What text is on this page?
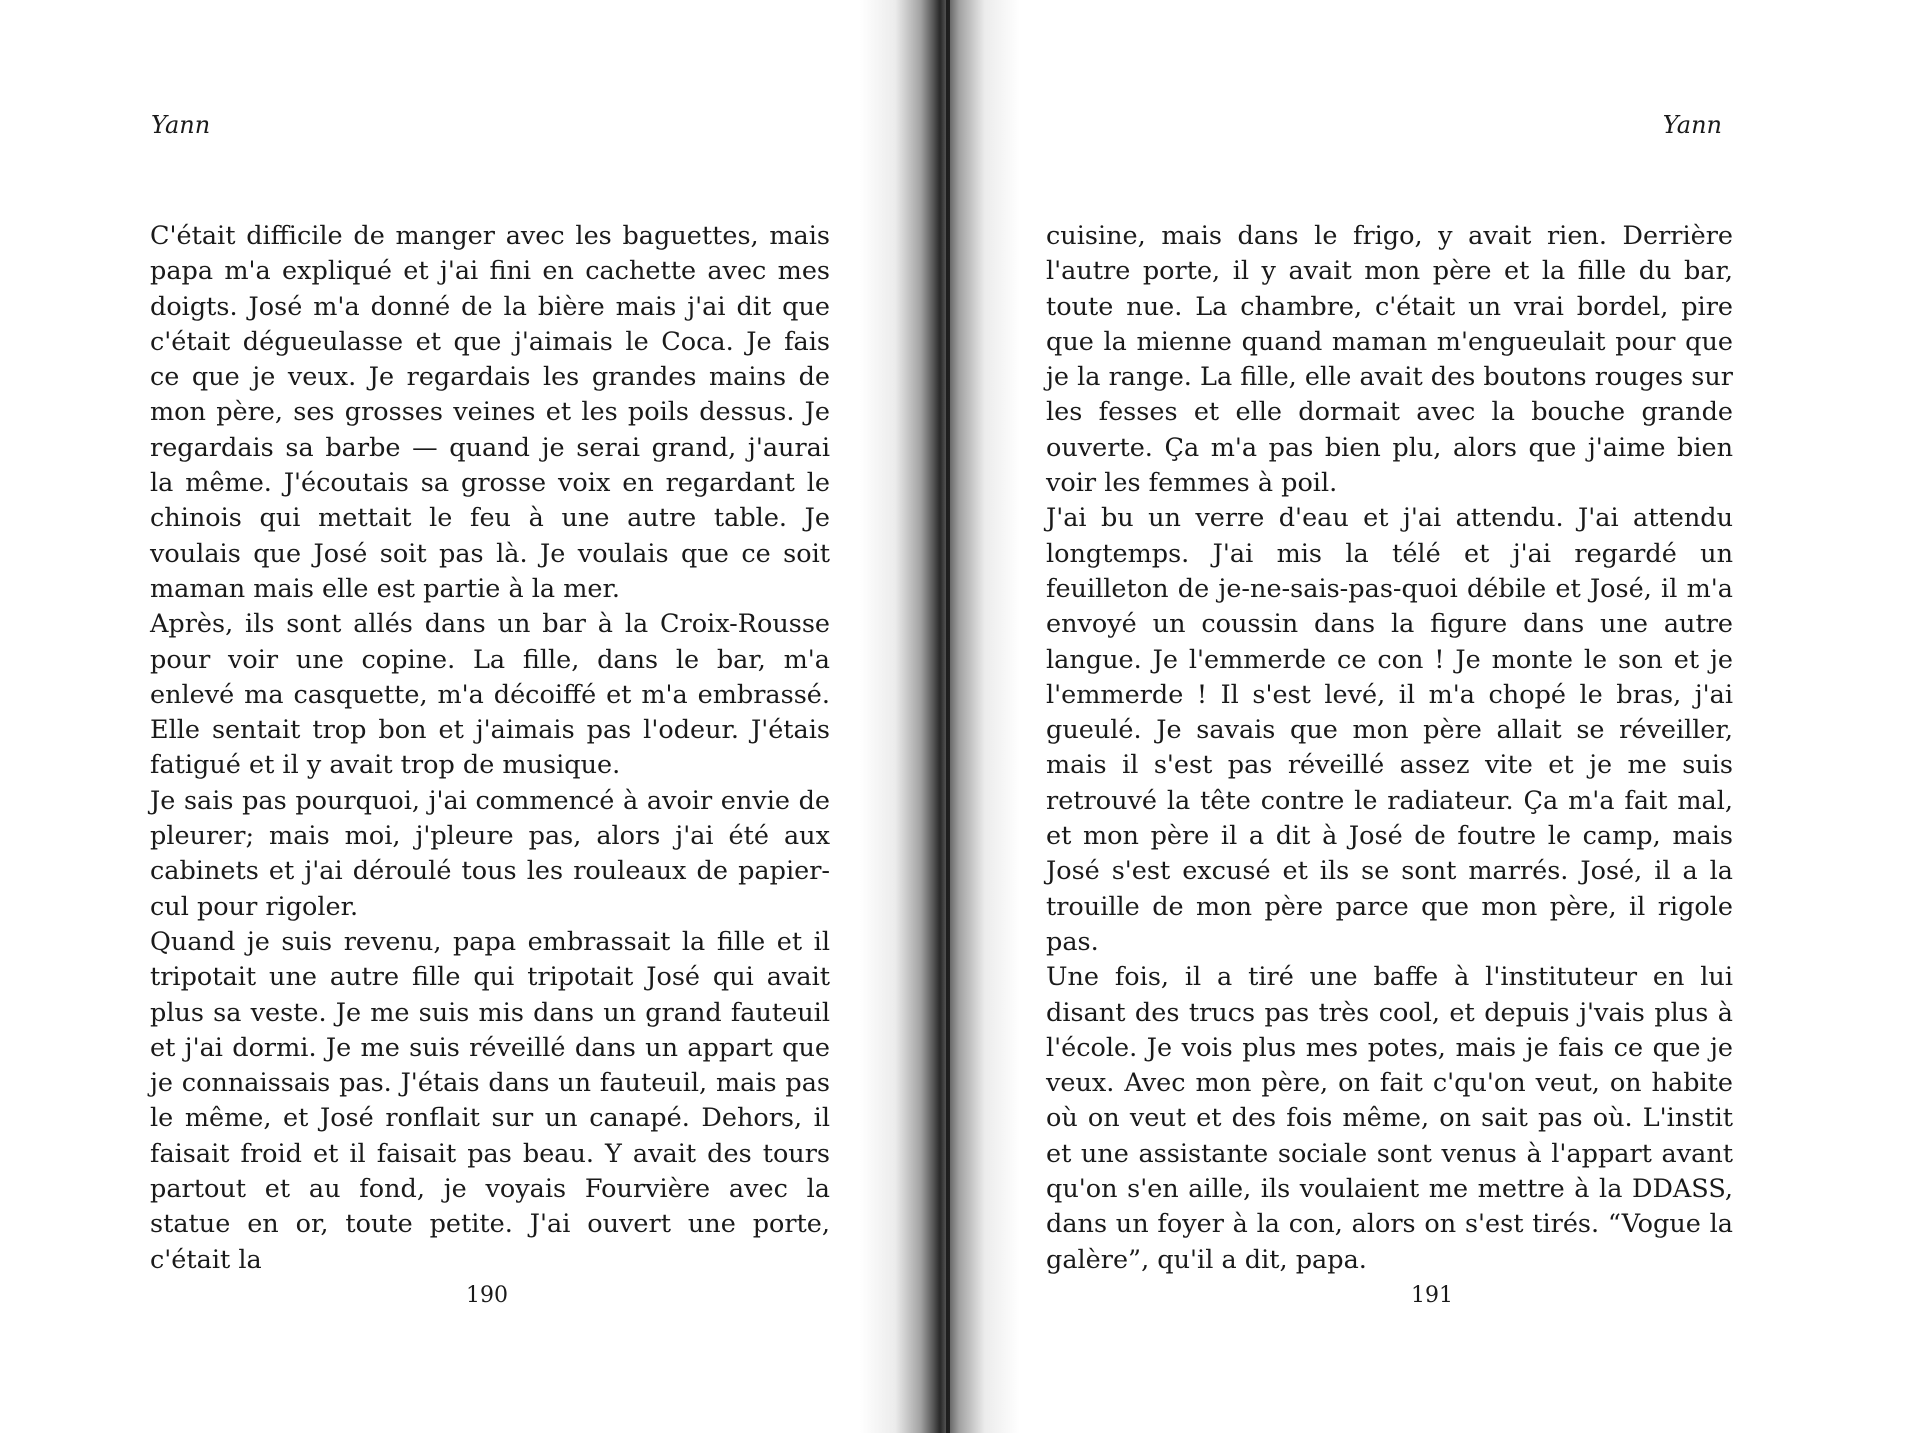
Yann

C'était difficile de manger avec les baguettes, mais papa m'a expliqué et j'ai fini en cachette avec mes doigts. José m'a donné de la bière mais j'ai dit que c'était dégueulasse et que j'aimais le Coca. Je fais ce que je veux. Je regardais les grandes mains de mon père, ses grosses veines et les poils dessus. Je regardais sa barbe — quand je serai grand, j'aurai la même. J'écoutais sa grosse voix en regardant le chinois qui mettait le feu à une autre table. Je voulais que José soit pas là. Je voulais que ce soit maman mais elle est partie à la mer.

Après, ils sont allés dans un bar à la Croix-Rousse pour voir une copine. La fille, dans le bar, m'a enlevé ma casquette, m'a décoiffé et m'a embrassé. Elle sentait trop bon et j'aimais pas l'odeur. J'étais fatigué et il y avait trop de musique.

Je sais pas pourquoi, j'ai commencé à avoir envie de pleurer; mais moi, j'pleure pas, alors j'ai été aux cabinets et j'ai déroulé tous les rouleaux de papier-cul pour rigoler.

Quand je suis revenu, papa embrassait la fille et il tripotait une autre fille qui tripotait José qui avait plus sa veste. Je me suis mis dans un grand fauteuil et j'ai dormi. Je me suis réveillé dans un appart que je connaissais pas. J'étais dans un fauteuil, mais pas le même, et José ronflait sur un canapé. Dehors, il faisait froid et il faisait pas beau. Y avait des tours partout et au fond, je voyais Fourvière avec la statue en or, toute petite. J'ai ouvert une porte, c'était la

190
Yann

cuisine, mais dans le frigo, y avait rien. Derrière l'autre porte, il y avait mon père et la fille du bar, toute nue. La chambre, c'était un vrai bordel, pire que la mienne quand maman m'engueulait pour que je la range. La fille, elle avait des boutons rouges sur les fesses et elle dormait avec la bouche grande ouverte. Ça m'a pas bien plu, alors que j'aime bien voir les femmes à poil.

J'ai bu un verre d'eau et j'ai attendu. J'ai attendu longtemps. J'ai mis la télé et j'ai regardé un feuilleton de je-ne-sais-pas-quoi débile et José, il m'a envoyé un coussin dans la figure dans une autre langue. Je l'emmerde ce con ! Je monte le son et je l'emmerde ! Il s'est levé, il m'a chopé le bras, j'ai gueulé. Je savais que mon père allait se réveiller, mais il s'est pas réveillé assez vite et je me suis retrouvé la tête contre le radiateur. Ça m'a fait mal, et mon père il a dit à José de foutre le camp, mais José s'est excusé et ils se sont marrés. José, il a la trouille de mon père parce que mon père, il rigole pas.

Une fois, il a tiré une baffe à l'instituteur en lui disant des trucs pas très cool, et depuis j'vais plus à l'école. Je vois plus mes potes, mais je fais ce que je veux. Avec mon père, on fait c'qu'on veut, on habite où on veut et des fois même, on sait pas où. L'instit et une assistante sociale sont venus à l'appart avant qu'on s'en aille, ils voulaient me mettre à la DDASS, dans un foyer à la con, alors on s'est tirés. “Vogue la galère”, qu'il a dit, papa.

191
